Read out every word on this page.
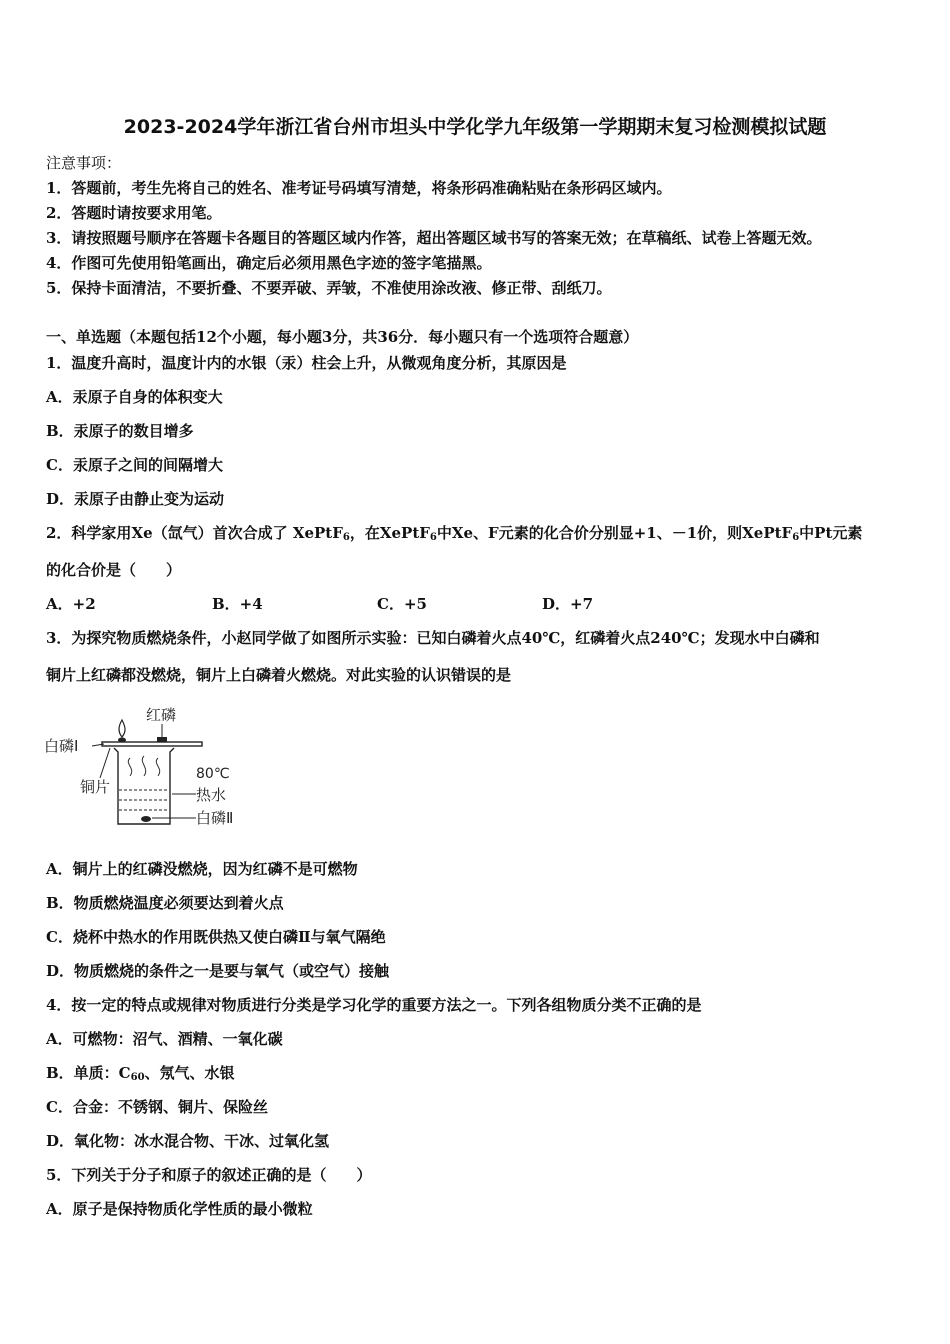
2023-2024学年浙江省台州市坦头中学化学九年级第一学期期末复习检测模拟试题
注意事项：
1．答题前，考生先将自己的姓名、准考证号码填写清楚，将条形码准确粘贴在条形码区域内。
2．答题时请按要求用笔。
3．请按照题号顺序在答题卡各题目的答题区域内作答，超出答题区域书写的答案无效；在草稿纸、试卷上答题无效。
4．作图可先使用铅笔画出，确定后必须用黑色字迹的签字笔描黑。
5．保持卡面清洁，不要折叠、不要弄破、弄皱，不准使用涂改液、修正带、刮纸刀。
一、单选题（本题包括12个小题，每小题3分，共36分．每小题只有一个选项符合题意）
1．温度升高时，温度计内的水银（汞）柱会上升，从微观角度分析，其原因是
A．汞原子自身的体积变大
B．汞原子的数目增多
C．汞原子之间的间隔增大
D．汞原子由静止变为运动
2．科学家用Xe（氙气）首次合成了 XePtF$_6$，在XePtF$_6$中Xe、F元素的化合价分别显+1、－1价，则XePtF$_6$中Pt元素
的化合价是（　　）
A．+2	B．+4	C．+5	D．+7
3．为探究物质燃烧条件，小赵同学做了如图所示实验：已知白磷着火点40℃，红磷着火点240℃；发现水中白磷和
铜片上红磷都没燃烧，铜片上白磷着火燃烧。对此实验的认识错误的是
红磷
白磷Ⅰ
铜片
80℃
热水
白磷Ⅱ
A．铜片上的红磷没燃烧，因为红磷不是可燃物
B．物质燃烧温度必须要达到着火点
C．烧杯中热水的作用既供热又使白磷Ⅱ与氧气隔绝
D．物质燃烧的条件之一是要与氧气（或空气）接触
4．按一定的特点或规律对物质进行分类是学习化学的重要方法之一。下列各组物质分类不正确的是
A．可燃物：沼气、酒精、一氧化碳
B．单质：$C_{60}$、氖气、水银
C．合金：不锈钢、铜片、保险丝
D．氧化物：冰水混合物、干冰、过氧化氢
5．下列关于分子和原子的叙述正确的是（　　）
A．原子是保持物质化学性质的最小微粒
